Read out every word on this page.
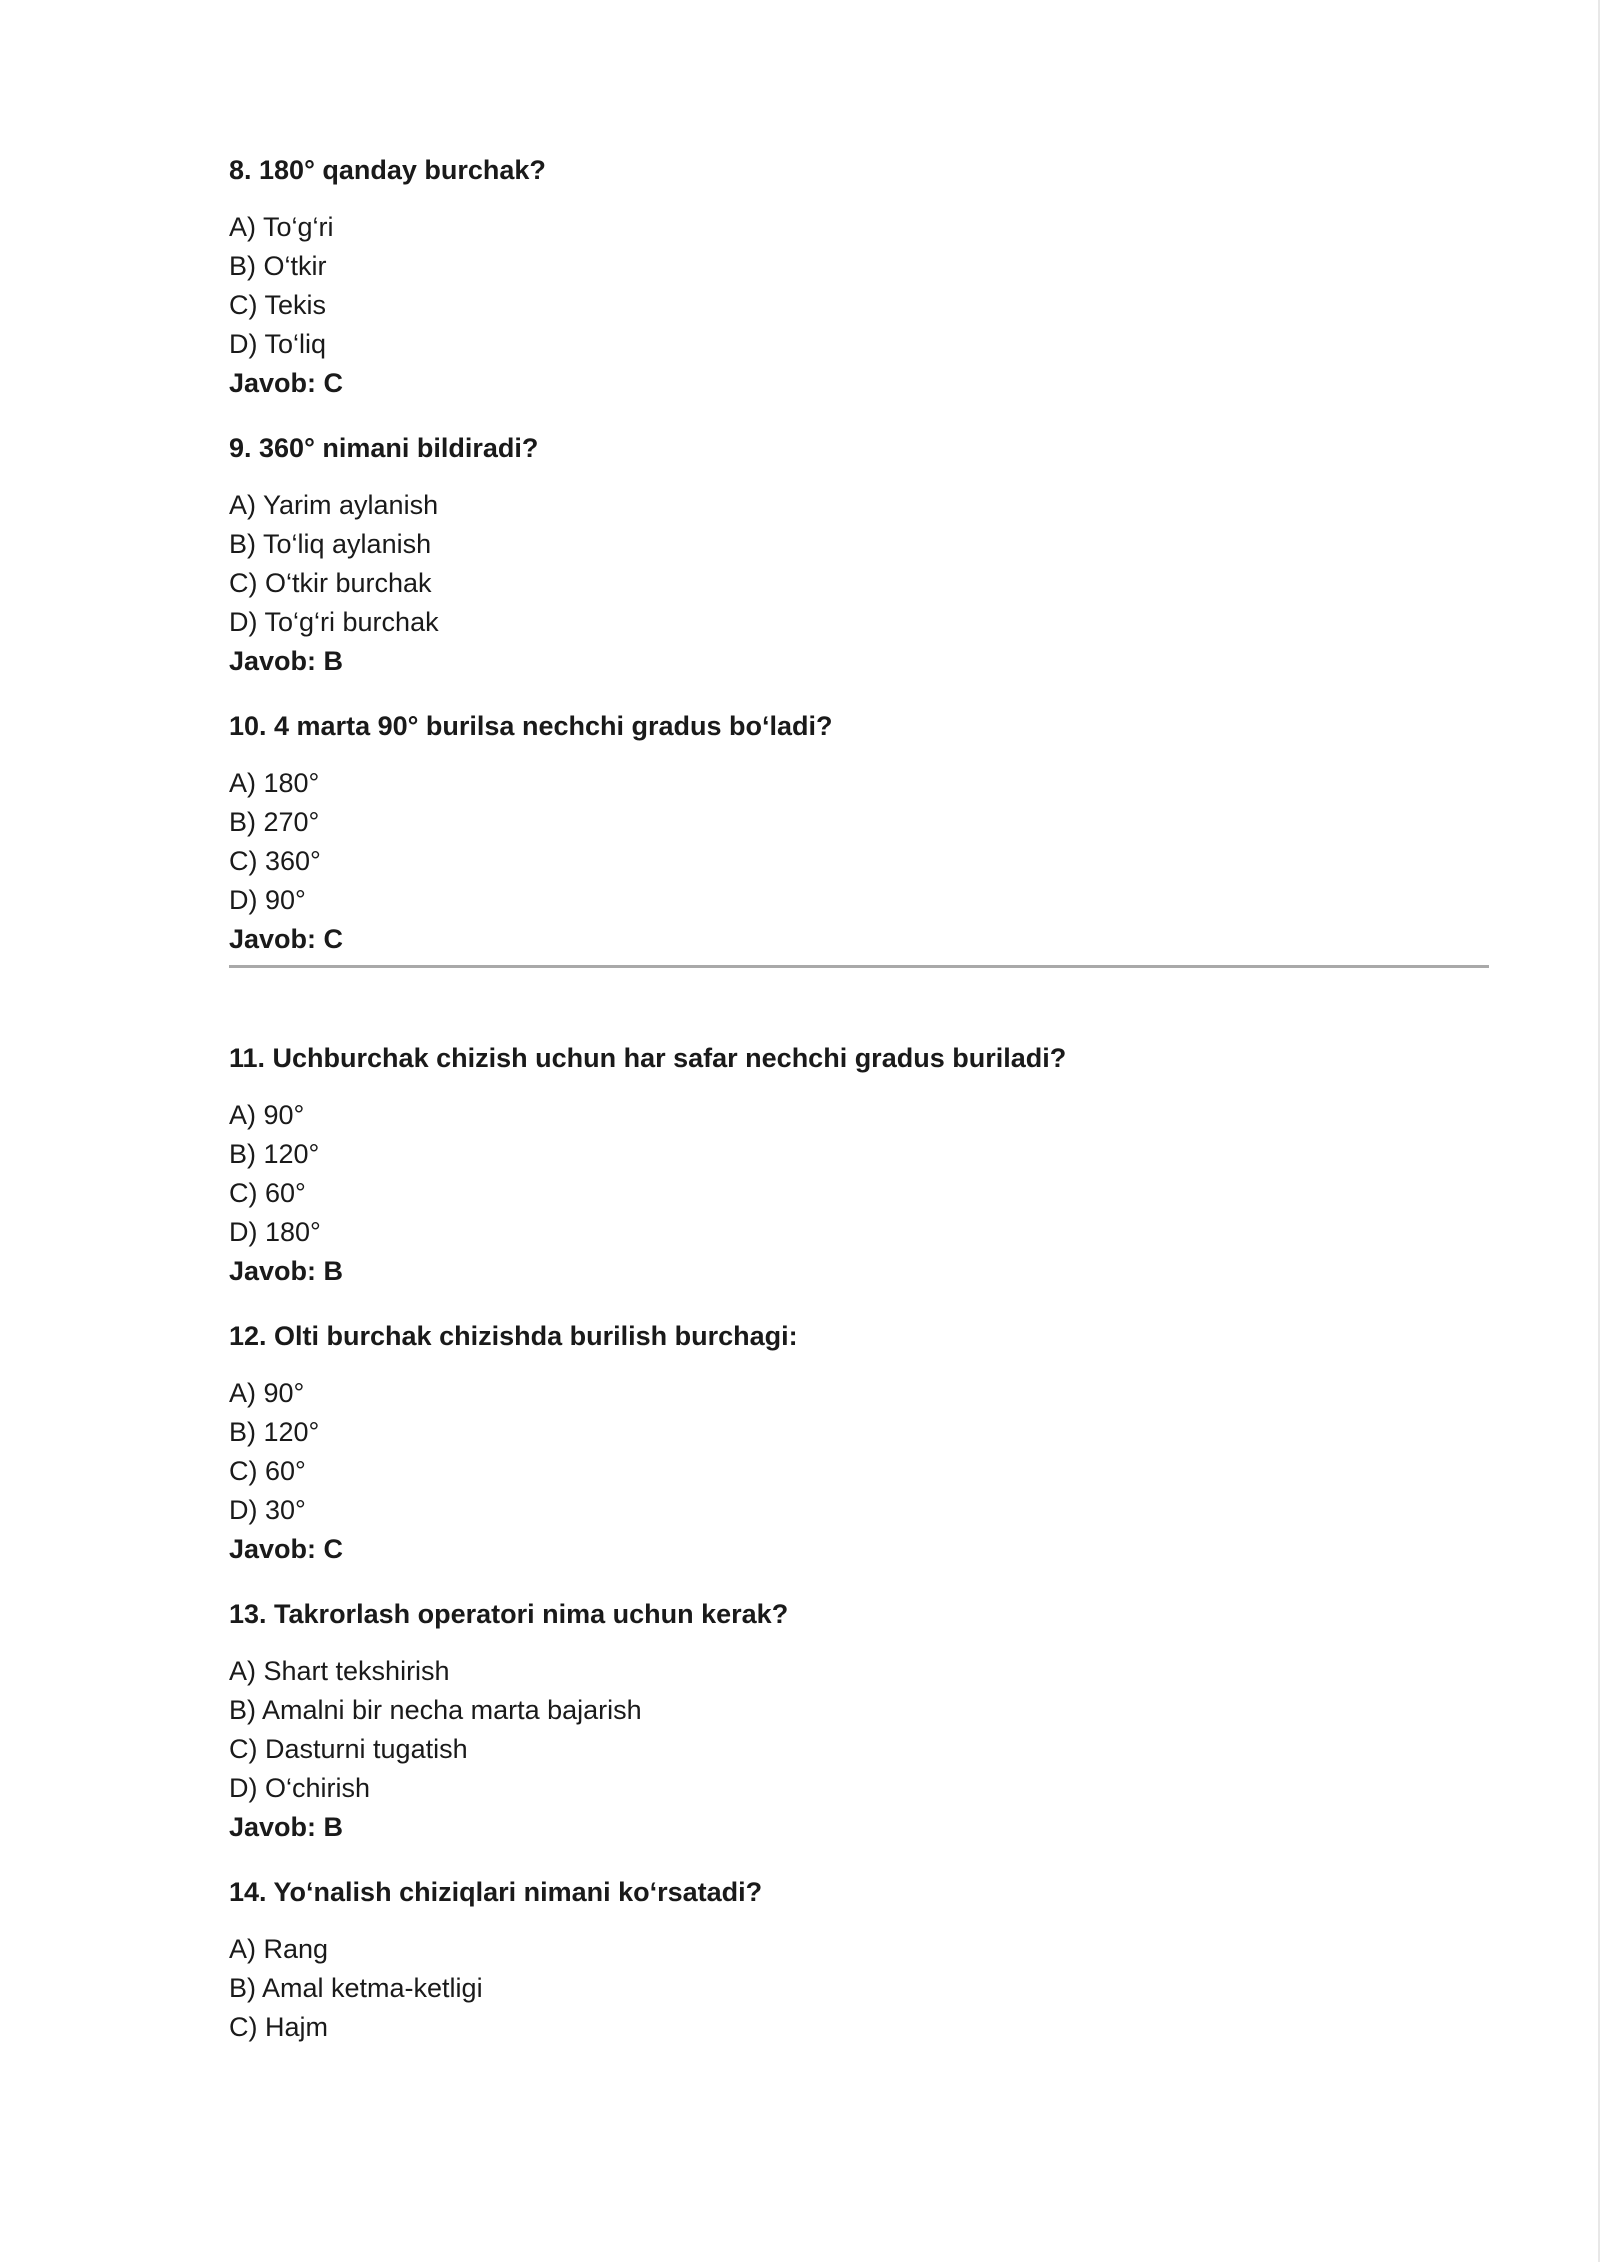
8. 180° qanday burchak?
A) To‘g‘ri
B) O‘tkir
C) Tekis
D) To‘liq
Javob: C
9. 360° nimani bildiradi?
A) Yarim aylanish
B) To‘liq aylanish
C) O‘tkir burchak
D) To‘g‘ri burchak
Javob: B
10. 4 marta 90° burilsa nechchi gradus bo‘ladi?
A) 180°
B) 270°
C) 360°
D) 90°
Javob: C
11. Uchburchak chizish uchun har safar nechchi gradus buriladi?
A) 90°
B) 120°
C) 60°
D) 180°
Javob: B
12. Olti burchak chizishda burilish burchagi:
A) 90°
B) 120°
C) 60°
D) 30°
Javob: C
13. Takrorlash operatori nima uchun kerak?
A) Shart tekshirish
B) Amalni bir necha marta bajarish
C) Dasturni tugatish
D) O‘chirish
Javob: B
14. Yo‘nalish chiziqlari nimani ko‘rsatadi?
A) Rang
B) Amal ketma-ketligi
C) Hajm
